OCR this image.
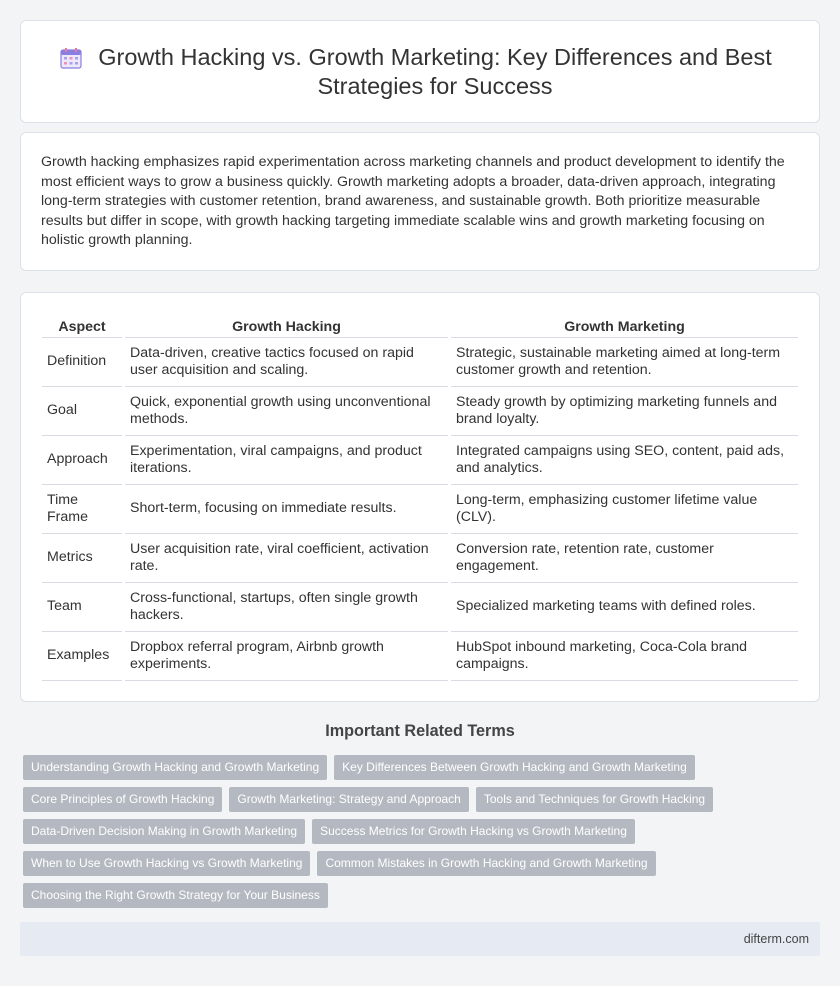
Growth Hacking vs. Growth Marketing: Key Differences and Best Strategies for Success

Growth hacking emphasizes rapid experimentation across marketing channels and product development to identify the most efficient ways to grow a business quickly. Growth marketing adopts a broader, data-driven approach, integrating long-term strategies with customer retention, brand awareness, and sustainable growth. Both prioritize measurable results but differ in scope, with growth hacking targeting immediate scalable wins and growth marketing focusing on holistic growth planning.

Aspect	Growth Hacking	Growth Marketing
Definition	Data-driven, creative tactics focused on rapid user acquisition and scaling.	Strategic, sustainable marketing aimed at long-term customer growth and retention.
Goal	Quick, exponential growth using unconventional methods.	Steady growth by optimizing marketing funnels and brand loyalty.
Approach	Experimentation, viral campaigns, and product iterations.	Integrated campaigns using SEO, content, paid ads, and analytics.
Time Frame	Short-term, focusing on immediate results.	Long-term, emphasizing customer lifetime value (CLV).
Metrics	User acquisition rate, viral coefficient, activation rate.	Conversion rate, retention rate, customer engagement.
Team	Cross-functional, startups, often single growth hackers.	Specialized marketing teams with defined roles.
Examples	Dropbox referral program, Airbnb growth experiments.	HubSpot inbound marketing, Coca-Cola brand campaigns.
Important Related Terms
Understanding Growth Hacking and Growth Marketing	Key Differences Between Growth Hacking and Growth Marketing
Core Principles of Growth Hacking	Growth Marketing: Strategy and Approach	Tools and Techniques for Growth Hacking
Data-Driven Decision Making in Growth Marketing	Success Metrics for Growth Hacking vs Growth Marketing
When to Use Growth Hacking vs Growth Marketing	Common Mistakes in Growth Hacking and Growth Marketing
Choosing the Right Growth Strategy for Your Business
difterm.com
